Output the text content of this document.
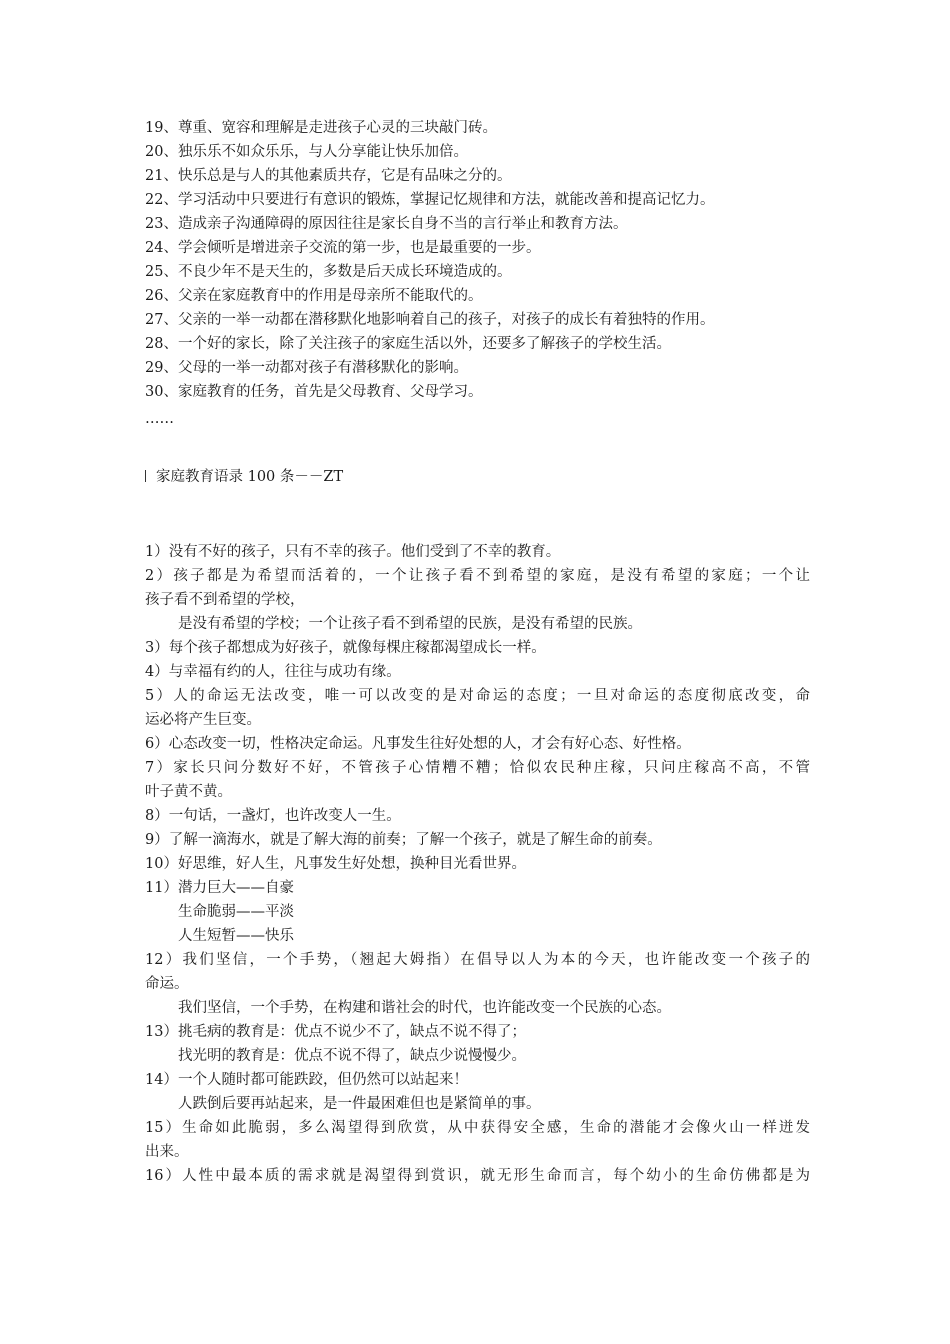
19、尊重、宽容和理解是走进孩子心灵的三块敲门砖。
20、独乐乐不如众乐乐，与人分享能让快乐加倍。
21、快乐总是与人的其他素质共存，它是有品味之分的。
22、学习活动中只要进行有意识的锻炼，掌握记忆规律和方法，就能改善和提高记忆力。
23、造成亲子沟通障碍的原因往往是家长自身不当的言行举止和教育方法。
24、学会倾听是增进亲子交流的第一步，也是最重要的一步。
25、不良少年不是天生的，多数是后天成长环境造成的。
26、父亲在家庭教育中的作用是母亲所不能取代的。
27、父亲的一举一动都在潜移默化地影响着自己的孩子，对孩子的成长有着独特的作用。
28、一个好的家长，除了关注孩子的家庭生活以外，还要多了解孩子的学校生活。
29、父母的一举一动都对孩子有潜移默化的影响。
30、家庭教育的任务，首先是父母教育、父母学习。
……
家庭教育语录 100 条－－ZT
1）没有不好的孩子，只有不幸的孩子。他们受到了不幸的教育。
2）孩子都是为希望而活着的，一个让孩子看不到希望的家庭，是没有希望的家庭；一个让
孩子看不到希望的学校，
是没有希望的学校；一个让孩子看不到希望的民族，是没有希望的民族。
3）每个孩子都想成为好孩子，就像每棵庄稼都渴望成长一样。
4）与幸福有约的人，往往与成功有缘。
5）人的命运无法改变，唯一可以改变的是对命运的态度；一旦对命运的态度彻底改变，命
运必将产生巨变。
6）心态改变一切，性格决定命运。凡事发生往好处想的人，才会有好心态、好性格。
7）家长只问分数好不好，不管孩子心情糟不糟；恰似农民种庄稼，只问庄稼高不高，不管
叶子黄不黄。
8）一句话，一盏灯，也许改变人一生。
9）了解一滴海水，就是了解大海的前奏；了解一个孩子，就是了解生命的前奏。
10）好思维，好人生，凡事发生好处想，换种目光看世界。
11）潜力巨大——自豪
生命脆弱——平淡
人生短暂——快乐
12）我们坚信，一个手势，（翘起大姆指）在倡导以人为本的今天，也许能改变一个孩子的
命运。
我们坚信，一个手势，在构建和谐社会的时代，也许能改变一个民族的心态。
13）挑毛病的教育是：优点不说少不了，缺点不说不得了；
找光明的教育是：优点不说不得了，缺点少说慢慢少。
14）一个人随时都可能跌跤，但仍然可以站起来！
人跌倒后要再站起来，是一件最困难但也是紧简单的事。
15）生命如此脆弱，多么渴望得到欣赏，从中获得安全感，生命的潜能才会像火山一样迸发
出来。
16）人性中最本质的需求就是渴望得到赏识，就无形生命而言，每个幼小的生命仿佛都是为
